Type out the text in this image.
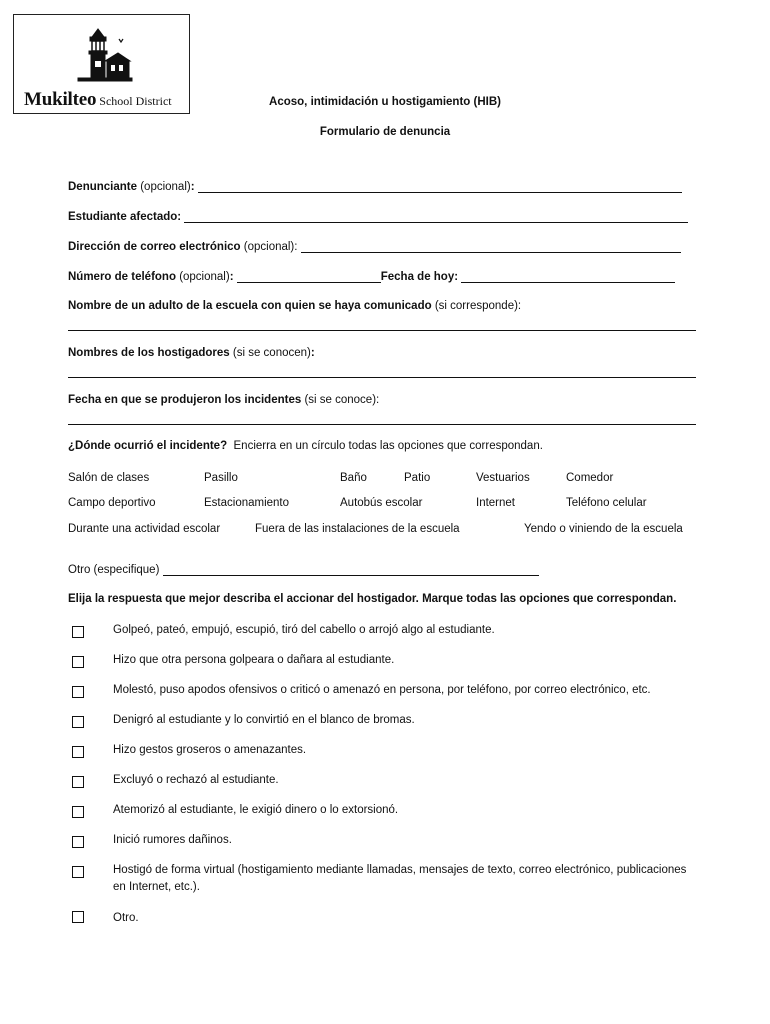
Mukilteo School District	Acoso, intimidación u hostigamiento (HIB)
Formulario de denuncia
Denunciante
(opcional) :

Estudiante afectado:

Dirección de correo electrónico
(opcional):

Número de teléfono
(opcional) :
	Fecha de hoy:

Nombre de un adulto de la escuela con quien se haya comunicado
(si corresponde):
Nombres de los hostigadores
(si se conocen) :
Fecha en que se produjeron los incidentes
(si se conoce):
¿Dónde ocurrió el incidente?
Encierra en un círculo todas las opciones que correspondan.
Salón de clases	Pasillo	Baño	Patio	Vestuarios	Comedor
Campo deportivo	Estacionamiento	Autobús escolar	Internet	Teléfono celular
Durante una actividad escolar	Fuera de las instalaciones de la escuela	Yendo o viniendo de la escuela
Otro (especifique)

Elija la respuesta que mejor describa el accionar del hostigador. Marque todas las opciones que correspondan.
Golpeó, pateó, empujó, escupió, tiró del cabello o arrojó algo al estudiante.
Hizo que otra persona golpeara o dañara al estudiante.
Molestó, puso apodos ofensivos o criticó o amenazó en persona, por teléfono, por correo electrónico, etc.
Denigró al estudiante y lo convirtió en el blanco de bromas.
Hizo gestos groseros o amenazantes.
Excluyó o rechazó al estudiante.
Atemorizó al estudiante, le exigió dinero o lo extorsionó.
Inició rumores dañinos.
Hostigó de forma virtual (hostigamiento mediante llamadas, mensajes de texto, correo electrónico, publicaciones en Internet, etc.).
Otro.
